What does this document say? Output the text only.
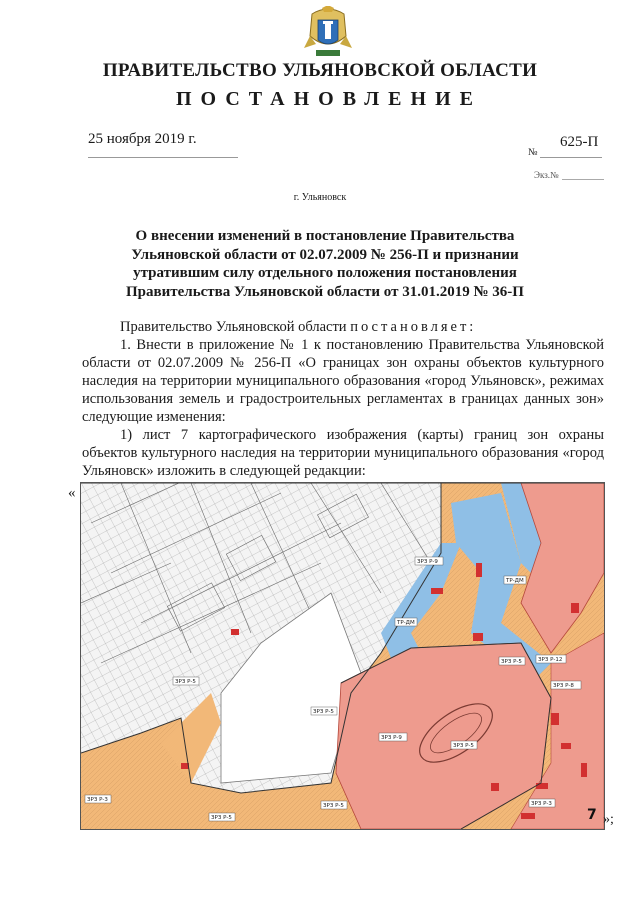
ПРАВИТЕЛЬСТВО УЛЬЯНОВСКОЙ ОБЛАСТИ
ПОСТАНОВЛЕНИЕ
25 ноября 2019 г.
№
625-П
Экз.№
г. Ульяновск
О внесении изменений в постановление Правительства
Ульяновской области от 02.07.2009 № 256-П и признании
утратившим силу отдельного положения постановления
Правительства Ульяновской области от 31.01.2019 № 36-П
Правительство Ульяновской области постановляет:
1. Внести в приложение № 1 к постановлению Правительства Ульяновской области от 02.07.2009 № 256-П «О границах зон охраны объектов культурного наследия на территории муниципального образования «город Ульяновск», режимах использования земель и градостроительных регламентах в границах данных зон» следующие изменения:
1) лист 7 картографического изображения (карты) границ зон охраны объектов культурного наследия на территории муниципального образования «город Ульяновск» изложить в следующей редакции:
«
ЗРЗ Р-9
ТР-ДМ
ТР-ДМ
ЗРЗ Р-5	ЗРЗ Р-12
ЗРЗ Р-9
ЗРЗ Р-5
ЗРЗ Р-3
ЗРЗ Р-5
ЗРЗ Р-5
ЗРЗ Р-5
ЗРЗ Р-8
ЗРЗ Р-5
ЗРЗ Р-3
7 »;
